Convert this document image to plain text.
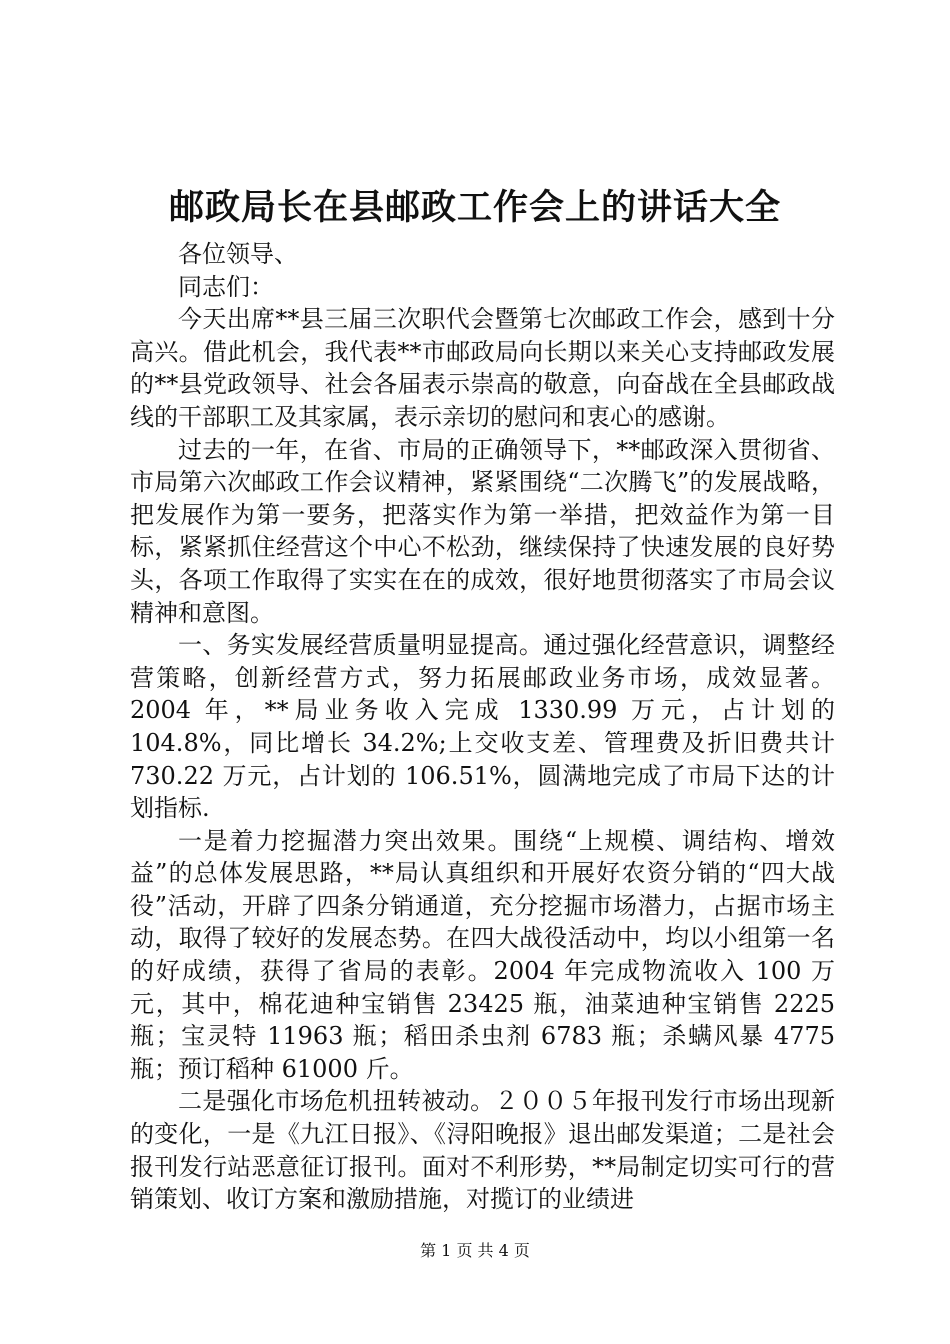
邮政局长在县邮政工作会上的讲话大全

各位领导、

同志们：

今天出席**县三届三次职代会暨第七次邮政工作会，感到十分高兴。借此机会，我代表**市邮政局向长期以来关心支持邮政发展的**县党政领导、社会各届表示崇高的敬意，向奋战在全县邮政战线的干部职工及其家属，表示亲切的慰问和衷心的感谢。

过去的一年，在省、市局的正确领导下，**邮政深入贯彻省、市局第六次邮政工作会议精神，紧紧围绕“二次腾飞”的发展战略，把发展作为第一要务，把落实作为第一举措，把效益作为第一目标，紧紧抓住经营这个中心不松劲，继续保持了快速发展的良好势头，各项工作取得了实实在在的成效，很好地贯彻落实了市局会议精神和意图。

一、务实发展经营质量明显提高。通过强化经营意识，调整经营策略，创新经营方式，努力拓展邮政业务市场，成效显著。2004 年，**局业务收入完成 1330.99 万元，占计划的104.8%，同比增长 34.2%;上交收支差、管理费及折旧费共计 730.22 万元，占计划的 106.51%，圆满地完成了市局下达的计划指标.

一是着力挖掘潜力突出效果。围绕“上规模、调结构、增效益”的总体发展思路，**局认真组织和开展好农资分销的“四大战役”活动，开辟了四条分销通道，充分挖掘市场潜力，占据市场主动，取得了较好的发展态势。在四大战役活动中，均以小组第一名的好成绩，获得了省局的表彰。2004 年完成物流收入 100 万元，其中，棉花迪种宝销售 23425 瓶，油菜迪种宝销售 2225 瓶；宝灵特 11963 瓶；稻田杀虫剂 6783 瓶；杀螨风暴 4775 瓶；预订稻种 61000 斤。

二是强化市场危机扭转被动。２００５年报刊发行市场出现新的变化，一是《九江日报》、《浔阳晚报》退出邮发渠道；二是社会报刊发行站恶意征订报刊。面对不利形势，**局制定切实可行的营销策划、收订方案和激励措施，对揽订的业绩进

第 1 页 共 4 页
